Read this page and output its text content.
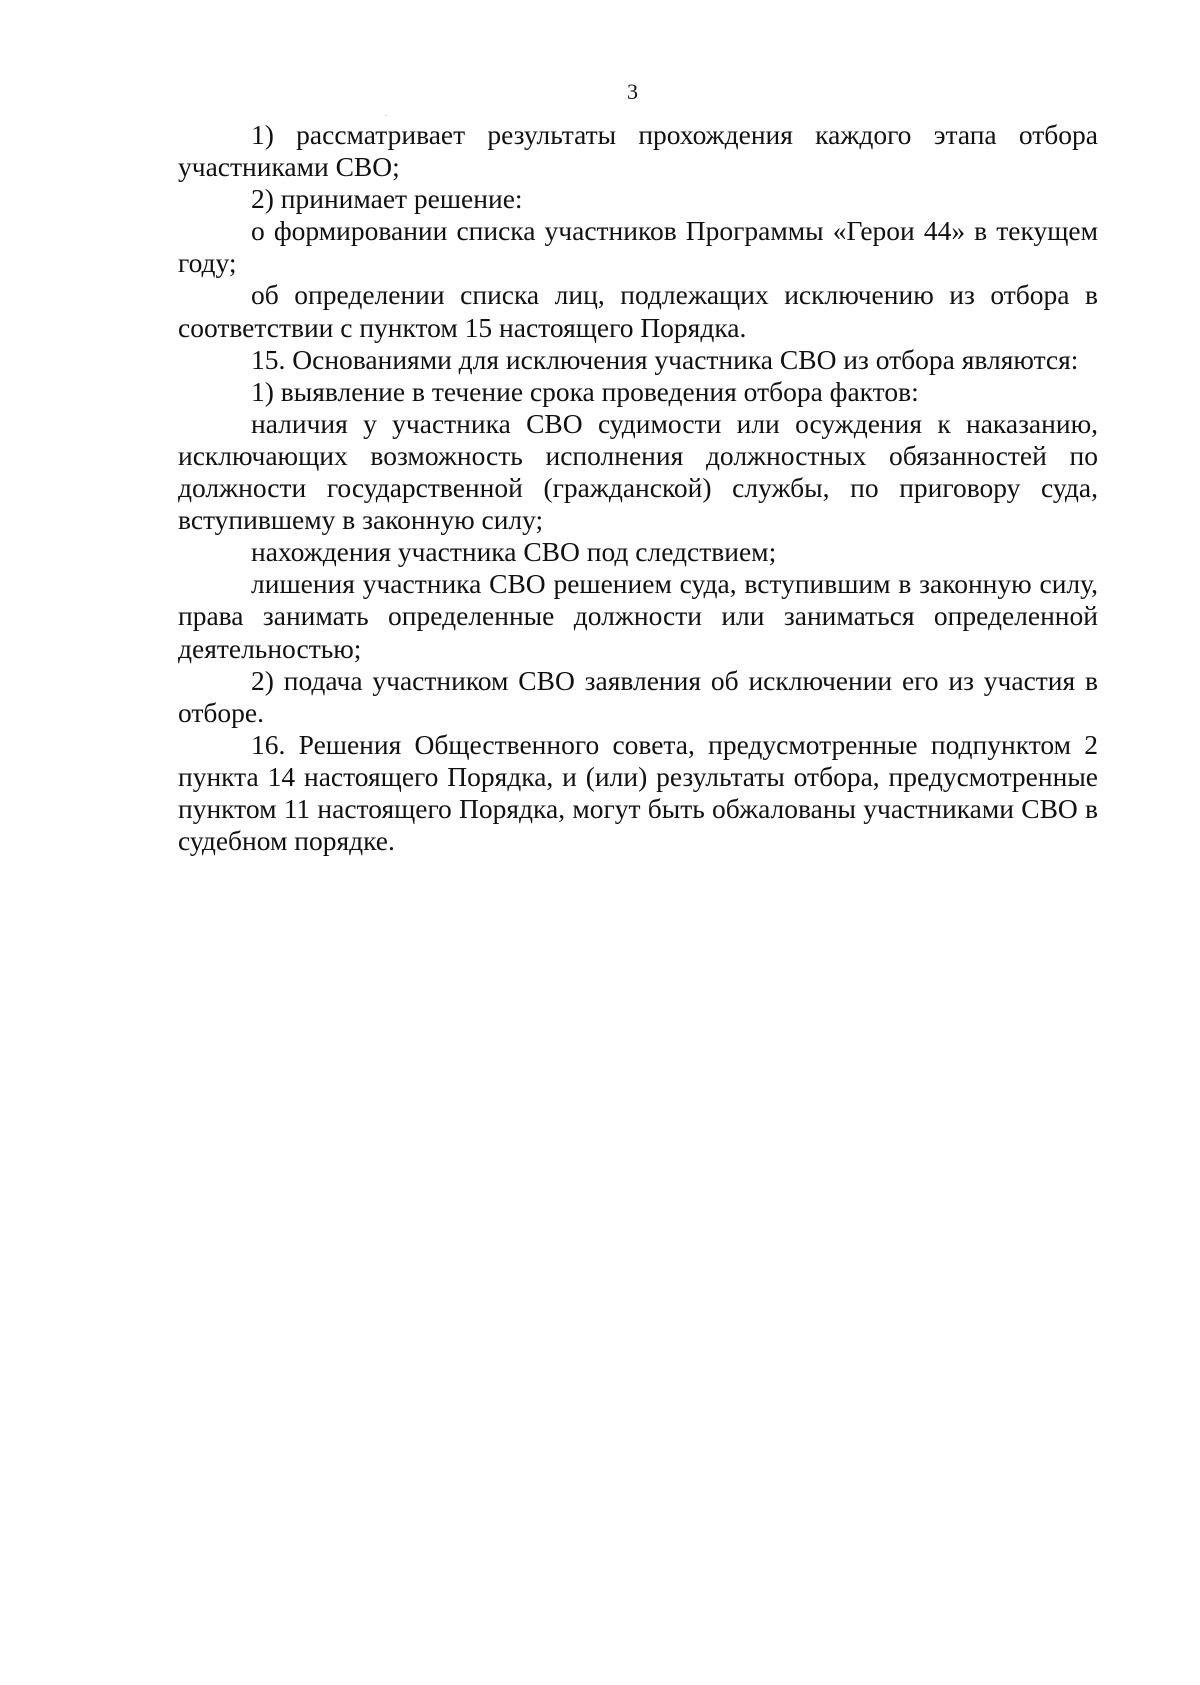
3

1) рассматривает результаты прохождения каждого этапа отбора участниками СВО;

2) принимает решение:

о формировании списка участников Программы «Герои 44» в текущем году;

об определении списка лиц, подлежащих исключению из отбора в соответствии с пунктом 15 настоящего Порядка.

15. Основаниями для исключения участника СВО из отбора являются:

1) выявление в течение срока проведения отбора фактов:

наличия у участника СВО судимости или осуждения к наказанию, исключающих возможность исполнения должностных обязанностей по должности государственной (гражданской) службы, по приговору суда, вступившему в законную силу;

нахождения участника СВО под следствием;

лишения участника СВО решением суда, вступившим в законную силу, права занимать определенные должности или заниматься определенной деятельностью;

2) подача участником СВО заявления об исключении его из участия в отборе.

16. Решения Общественного совета, предусмотренные подпунктом 2 пункта 14 настоящего Порядка, и (или) результаты отбора, предусмотренные пунктом 11 настоящего Порядка, могут быть обжалованы участниками СВО в судебном порядке.
